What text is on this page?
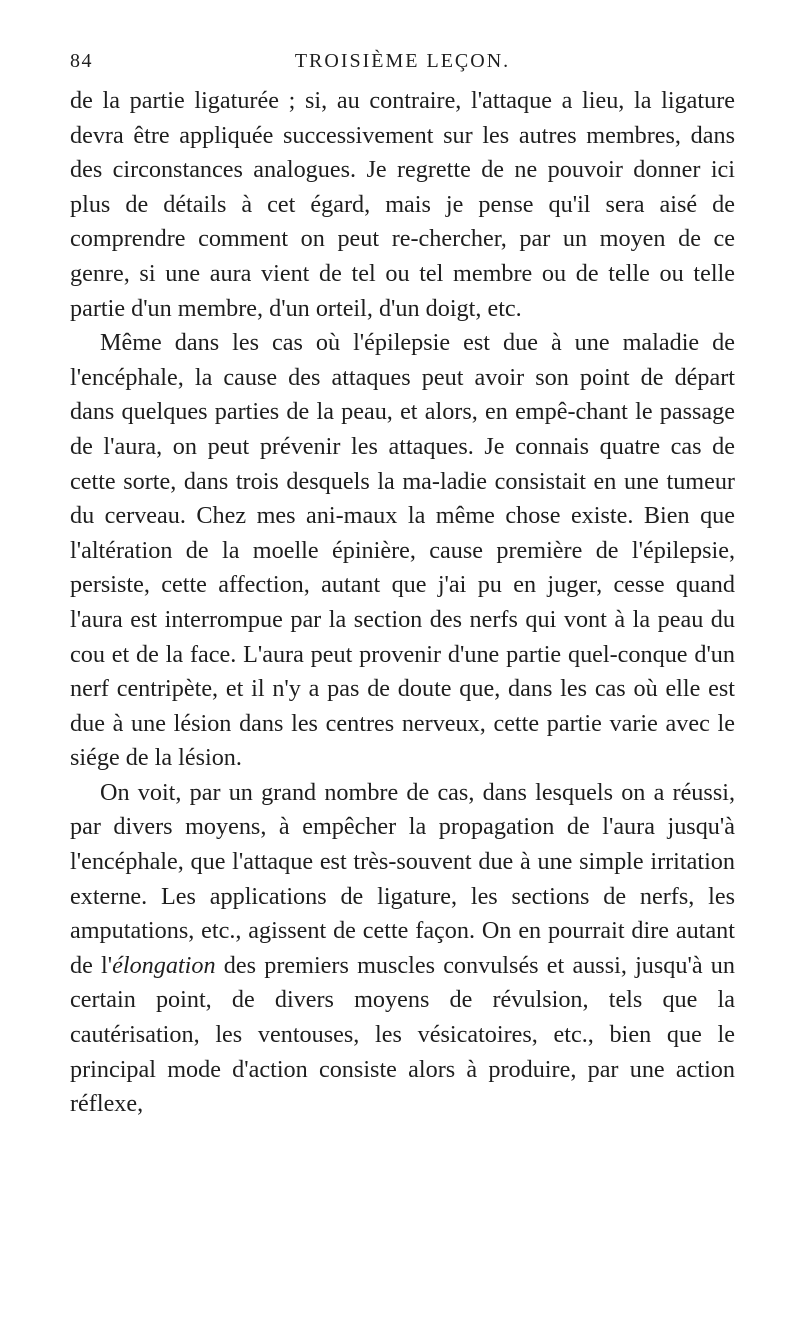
84	TROISIÈME LEÇON.

de la partie ligaturée ; si, au contraire, l'attaque a lieu, la ligature devra être appliquée successivement sur les autres membres, dans des circonstances analogues. Je regrette de ne pouvoir donner ici plus de détails à cet égard, mais je pense qu'il sera aisé de comprendre comment on peut re-chercher, par un moyen de ce genre, si une aura vient de tel ou tel membre ou de telle ou telle partie d'un membre, d'un orteil, d'un doigt, etc.

Même dans les cas où l'épilepsie est due à une maladie de l'encéphale, la cause des attaques peut avoir son point de départ dans quelques parties de la peau, et alors, en empê-chant le passage de l'aura, on peut prévenir les attaques. Je connais quatre cas de cette sorte, dans trois desquels la ma-ladie consistait en une tumeur du cerveau. Chez mes ani-maux la même chose existe. Bien que l'altération de la moelle épinière, cause première de l'épilepsie, persiste, cette affection, autant que j'ai pu en juger, cesse quand l'aura est interrompue par la section des nerfs qui vont à la peau du cou et de la face. L'aura peut provenir d'une partie quel-conque d'un nerf centripète, et il n'y a pas de doute que, dans les cas où elle est due à une lésion dans les centres nerveux, cette partie varie avec le siége de la lésion.

On voit, par un grand nombre de cas, dans lesquels on a réussi, par divers moyens, à empêcher la propagation de l'aura jusqu'à l'encéphale, que l'attaque est très-souvent due à une simple irritation externe. Les applications de ligature, les sections de nerfs, les amputations, etc., agissent de cette façon. On en pourrait dire autant de l'élongation des premiers muscles convulsés et aussi, jusqu'à un certain point, de divers moyens de révulsion, tels que la cautérisation, les ventouses, les vésicatoires, etc., bien que le principal mode d'action consiste alors à produire, par une action réflexe,
